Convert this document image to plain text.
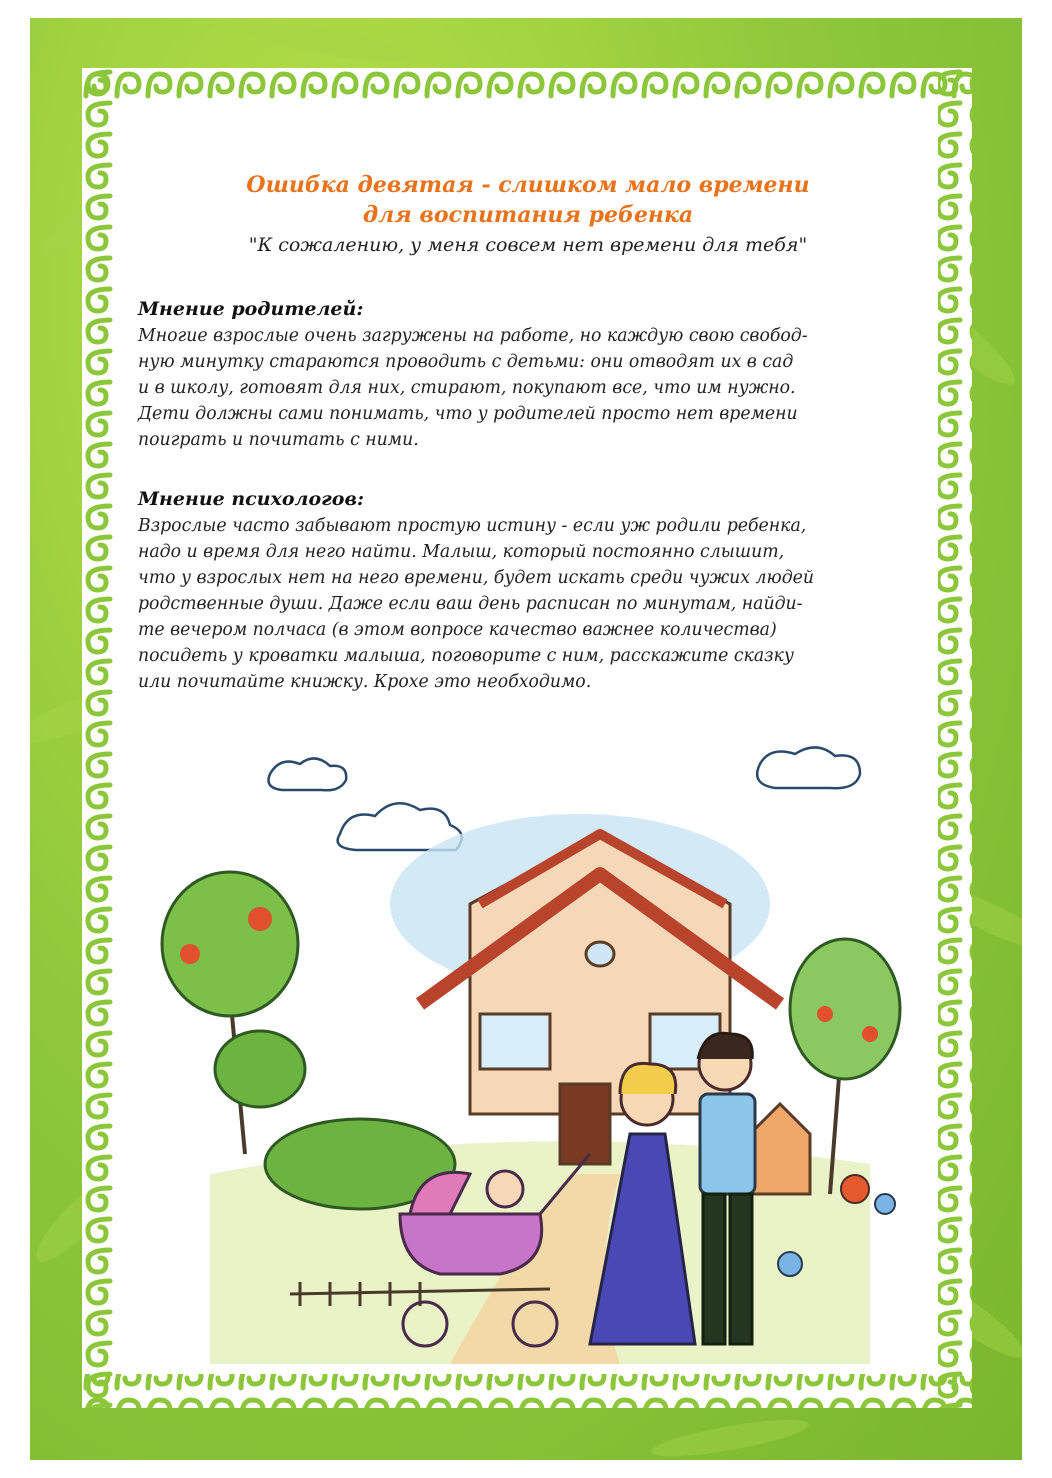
Ошибка девятая - слишком мало времени
для воспитания ребенка
"К сожалению, у меня совсем нет времени для тебя"
Мнение родителей:

Многие взрослые очень загружены на работе, но каждую свою свобод-
ную минутку стараются проводить с детьми: они отводят их в сад
и в школу, готовят для них, стирают, покупают все, что им нужно.
Дети должны сами понимать, что у родителей просто нет времени
поиграть и почитать с ними.

Мнение психологов:

Взрослые часто забывают простую истину - если уж родили ребенка,
надо и время для него найти. Малыш, который постоянно слышит,
что у взрослых нет на него времени, будет искать среди чужих людей
родственные души. Даже если ваш день расписан по минутам, найди-
те вечером полчаса (в этом вопросе качество важнее количества)
посидеть у кроватки малыша, поговорите с ним, расскажите сказку
или почитайте книжку. Крохе это необходимо.
